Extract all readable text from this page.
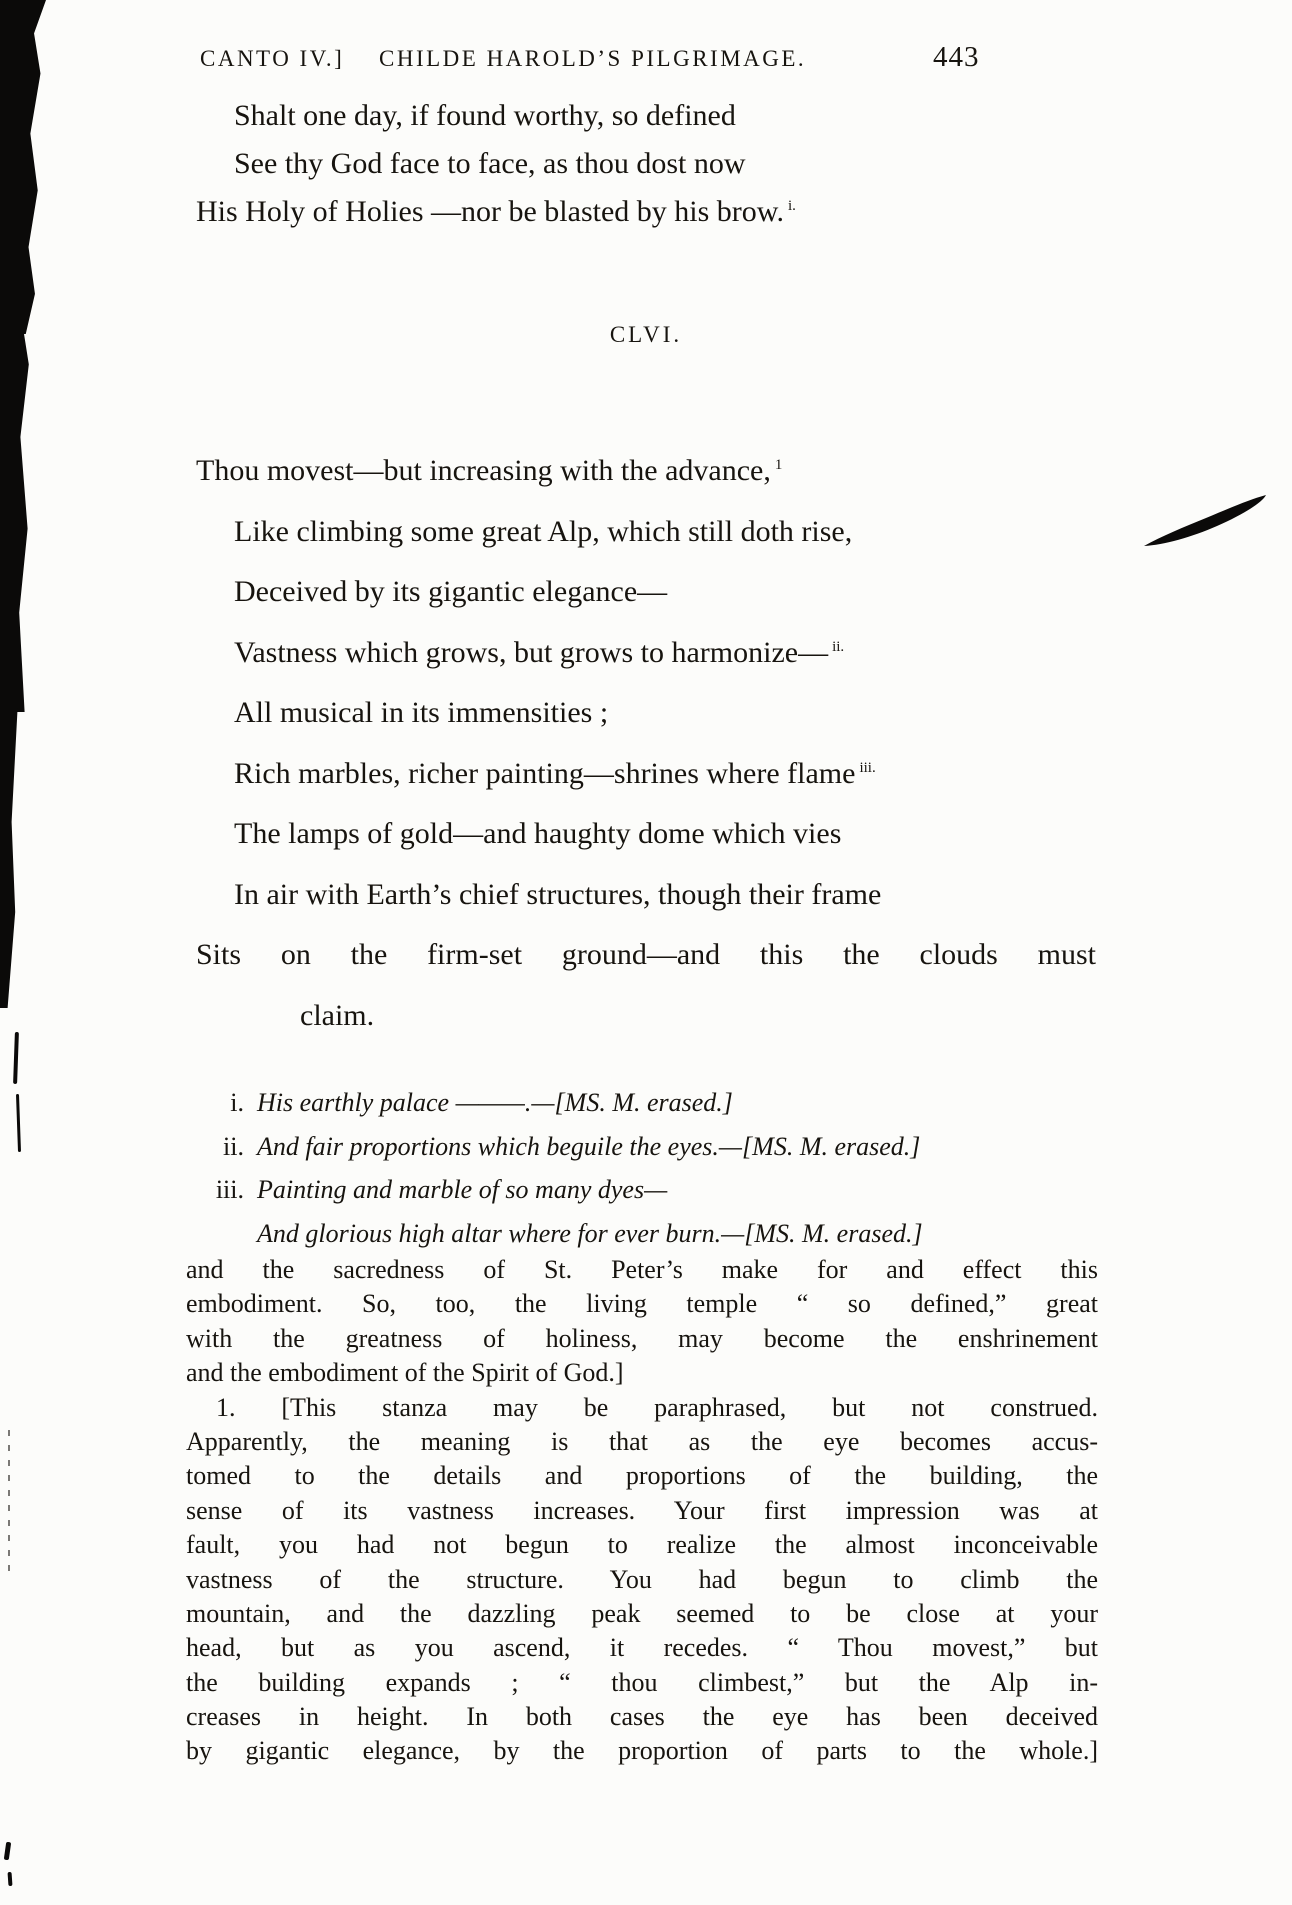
CANTO IV.] CHILDE HAROLD’S PILGRIMAGE.	443
Shalt one day, if found worthy, so defined
See thy God face to face, as thou dost now
His Holy of Holies —nor be blasted by his brow. $^{i.}$
CLVI.
Thou movest—but increasing with the advance, $^1$
Like climbing some great Alp, which still doth rise,
Deceived by its gigantic elegance—
Vastness which grows, but grows to harmonize— $^{ii.}$
All musical in its immensities ;
Rich marbles, richer painting—shrines where flame $^{iii.}$
The lamps of gold—and haughty dome which vies
In air with Earth’s chief structures, though their frame
Sits on the firm-set ground—and this the clouds must
claim.
i. His earthly palace ———.—[MS. M. erased.]
ii. And fair proportions which beguile the eyes.—[MS. M. erased.]
iii. Painting and marble of so many dyes—
And glorious high altar where for ever burn.—[MS. M. erased.]
and the sacredness of St. Peter’s make for and effect this
embodiment. So, too, the living temple “ so defined,” great
with the greatness of holiness, may become the enshrinement
and the embodiment of the Spirit of God.]
1. [This stanza may be paraphrased, but not construed.
Apparently, the meaning is that as the eye becomes accus-
tomed to the details and proportions of the building, the
sense of its vastness increases. Your first impression was at
fault, you had not begun to realize the almost inconceivable
vastness of the structure. You had begun to climb the
mountain, and the dazzling peak seemed to be close at your
head, but as you ascend, it recedes. “ Thou movest,” but
the building expands ; “ thou climbest,” but the Alp in-
creases in height. In both cases the eye has been deceived
by gigantic elegance, by the proportion of parts to the whole.]
